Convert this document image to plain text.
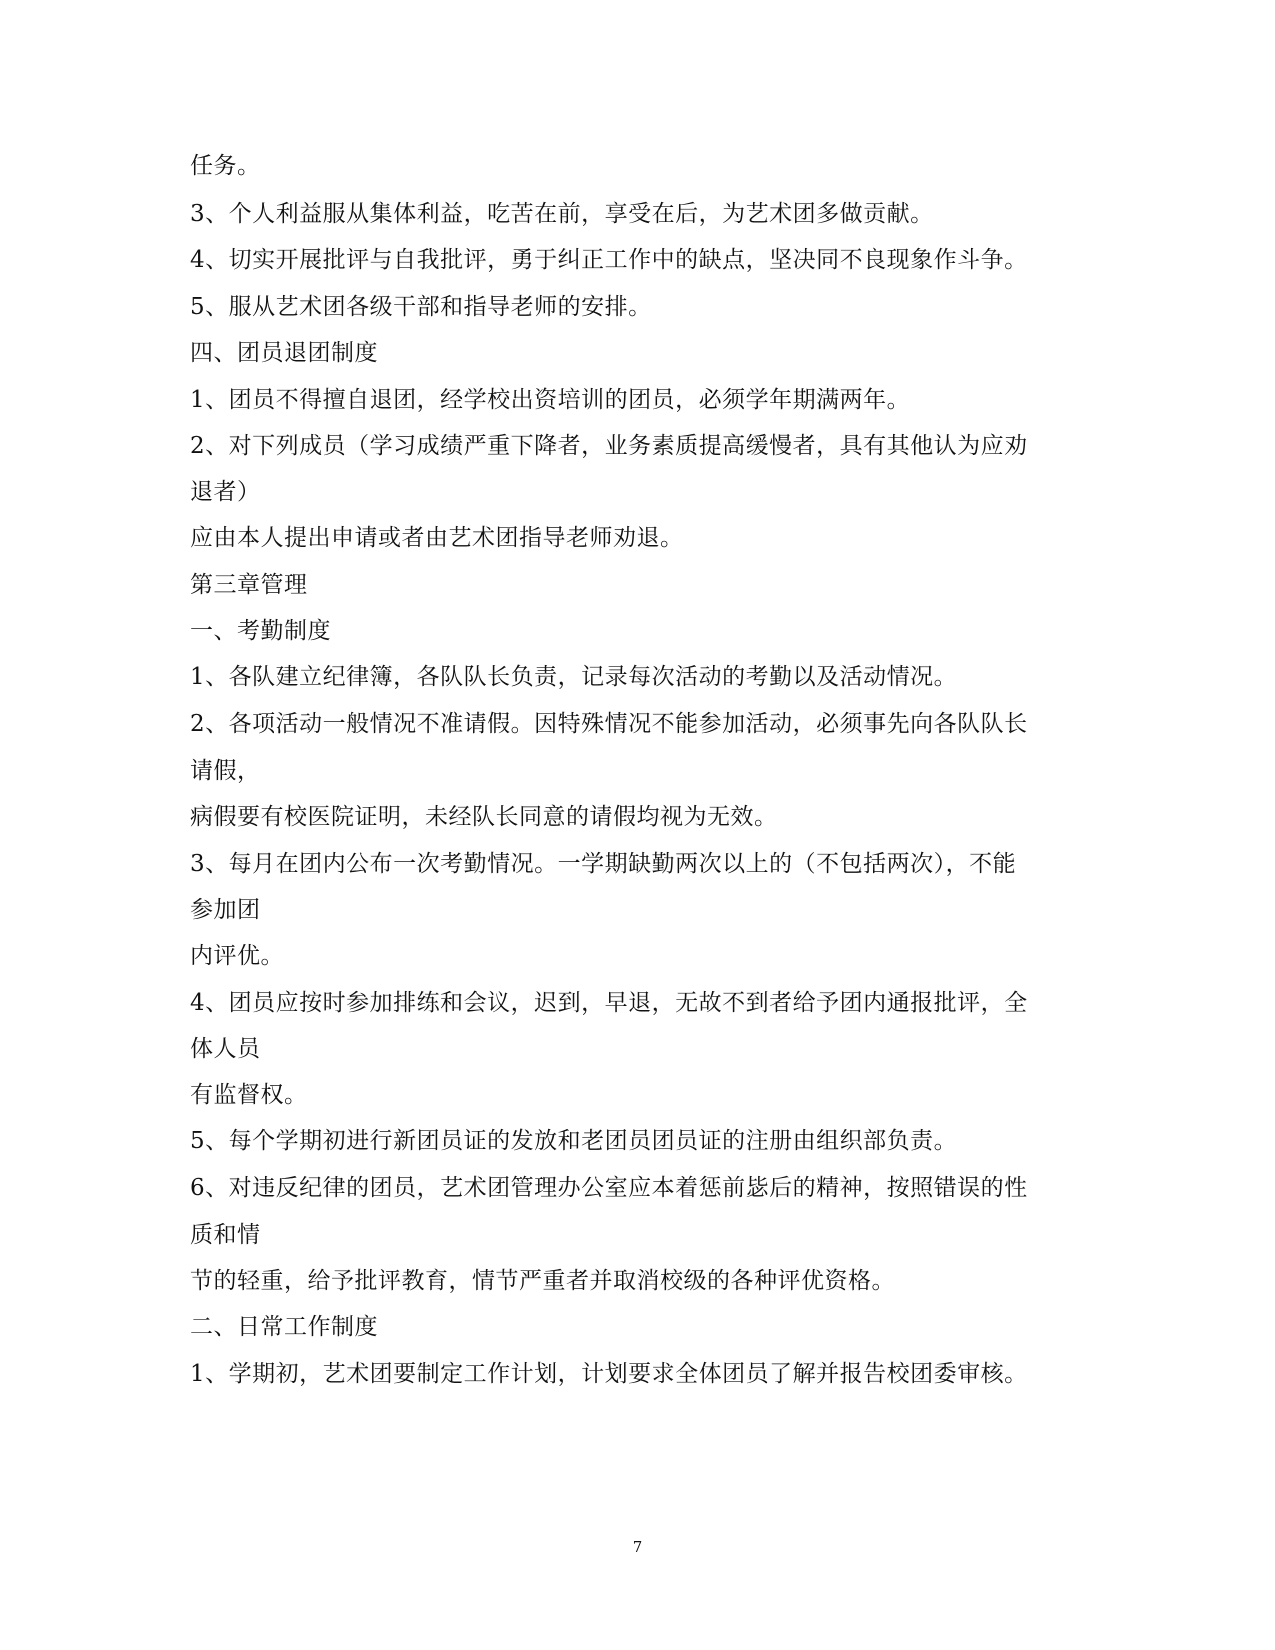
任务。
3、个人利益服从集体利益，吃苦在前，享受在后，为艺术团多做贡献。
4、切实开展批评与自我批评，勇于纠正工作中的缺点，坚决同不良现象作斗争。
5、服从艺术团各级干部和指导老师的安排。
四、团员退团制度
1、团员不得擅自退团，经学校出资培训的团员，必须学年期满两年。
2、对下列成员（学习成绩严重下降者，业务素质提高缓慢者，具有其他认为应劝
退者）
应由本人提出申请或者由艺术团指导老师劝退。
第三章管理
一、考勤制度
1、各队建立纪律簿，各队队长负责，记录每次活动的考勤以及活动情况。
2、各项活动一般情况不准请假。因特殊情况不能参加活动，必须事先向各队队长
请假，
病假要有校医院证明，未经队长同意的请假均视为无效。
3、每月在团内公布一次考勤情况。一学期缺勤两次以上的（不包括两次），不能
参加团
内评优。
4、团员应按时参加排练和会议，迟到，早退，无故不到者给予团内通报批评，全
体人员
有监督权。
5、每个学期初进行新团员证的发放和老团员团员证的注册由组织部负责。
6、对违反纪律的团员，艺术团管理办公室应本着惩前毖后的精神，按照错误的性
质和情
节的轻重，给予批评教育，情节严重者并取消校级的各种评优资格。
二、日常工作制度
1、学期初，艺术团要制定工作计划，计划要求全体团员了解并报告校团委审核。
7
